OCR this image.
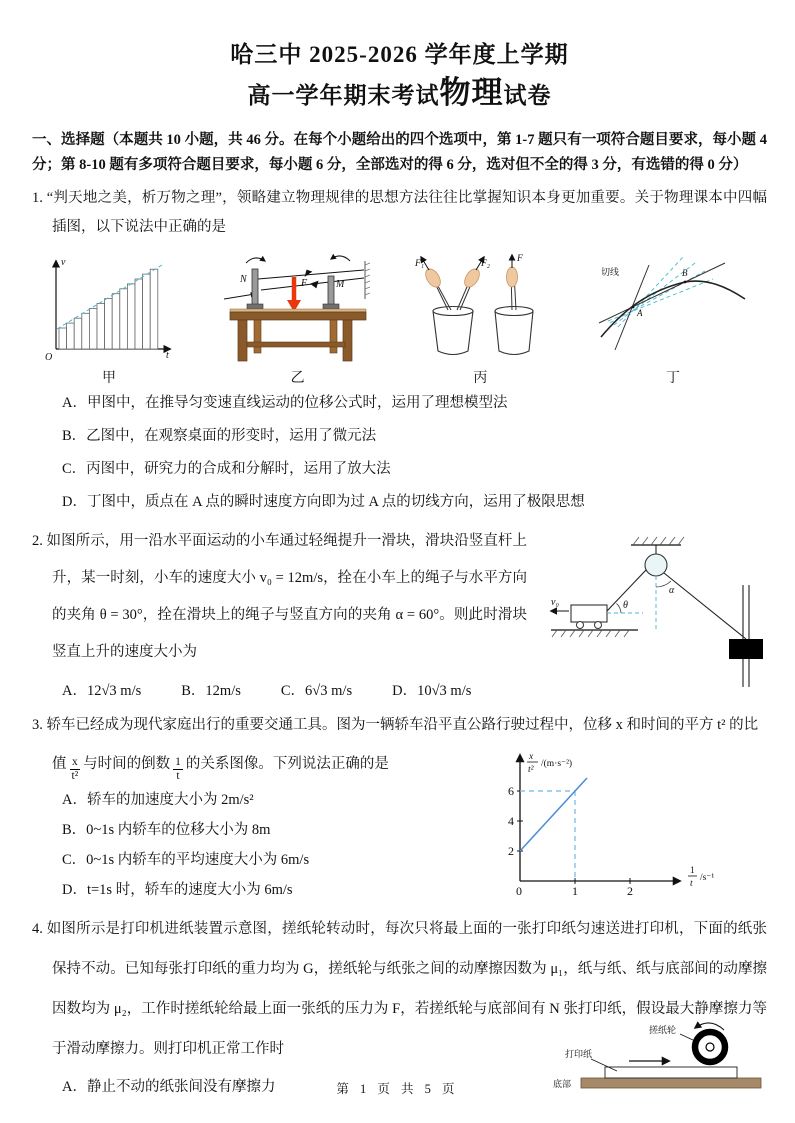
哈三中 2025-2026 学年度上学期
高一学年期末考试物理试卷

一、选择题（本题共 10 小题，共 46 分。在每个小题给出的四个选项中，第 1-7 题只有一项符合题目要求，每小题 4 分；第 8-10 题有多项符合题目要求，每小题 6 分，全部选对的得 6 分，选对但不全的得 3 分，有选错的得 0 分）

1. “判天地之美，析万物之理”，领略建立物理规律的思想方法往往比掌握知识本身更加重要。关于物理课本中四幅插图，以下说法中正确的是

v
t
O
甲
N	M
F
乙
F₁	F₂	F
丙
切线
A
B
丁
A．甲图中，在推导匀变速直线运动的位移公式时，运用了理想模型法
B．乙图中，在观察桌面的形变时，运用了微元法
C．丙图中，研究力的合成和分解时，运用了放大法
D．丁图中，质点在 A 点的瞬时速度方向即为过 A 点的切线方向，运用了极限思想

2. 如图所示，用一沿水平面运动的小车通过轻绳提升一滑块，滑块沿竖直杆上升，某一时刻，小车的速度大小 v₀ = 12m/s，拴在小车上的绳子与水平方向的夹角 θ = 30°，拴在滑块上的绳子与竖直方向的夹角 α = 60°。则此时滑块竖直上升的速度大小为

α
θ
v₀
A．12√3 m/s	B．12m/s	C．6√3 m/s	D．10√3 m/s

3. 轿车已经成为现代家庭出行的重要交通工具。图为一辆轿车沿平直公路行驶过程中，位移 x 和时间的平方 t² 的比

值 $\frac{x}{\text{t²}}$ 与时间的倒数 $\frac{1}{t}$ 的关系图像。下列说法正确的是
2
4
6
0	1	2
x
t²
/(m·s⁻²)
1
t
/s⁻¹
A．轿车的加速度大小为 2m/s²
B．0~1s 内轿车的位移大小为 8m
C．0~1s 内轿车的平均速度大小为 6m/s
D．t=1s 时，轿车的速度大小为 6m/s

4. 如图所示是打印机进纸装置示意图，搓纸轮转动时，每次只将最上面的一张打印纸匀速送进打印机，下面的纸张保持不动。已知每张打印纸的重力均为 G，搓纸轮与纸张之间的动摩擦因数为 μ₁，纸与纸、纸与底部间的动摩擦因数均为 μ₂，工作时搓纸轮给最上面一张纸的压力为 F，若搓纸轮与底部间有 N 张打印纸，假设最大静摩擦力等于滑动摩擦力。则打印机正常工作时

A．静止不动的纸张间没有摩擦力
搓纸轮
打印纸
底部
第 1 页 共 5 页
